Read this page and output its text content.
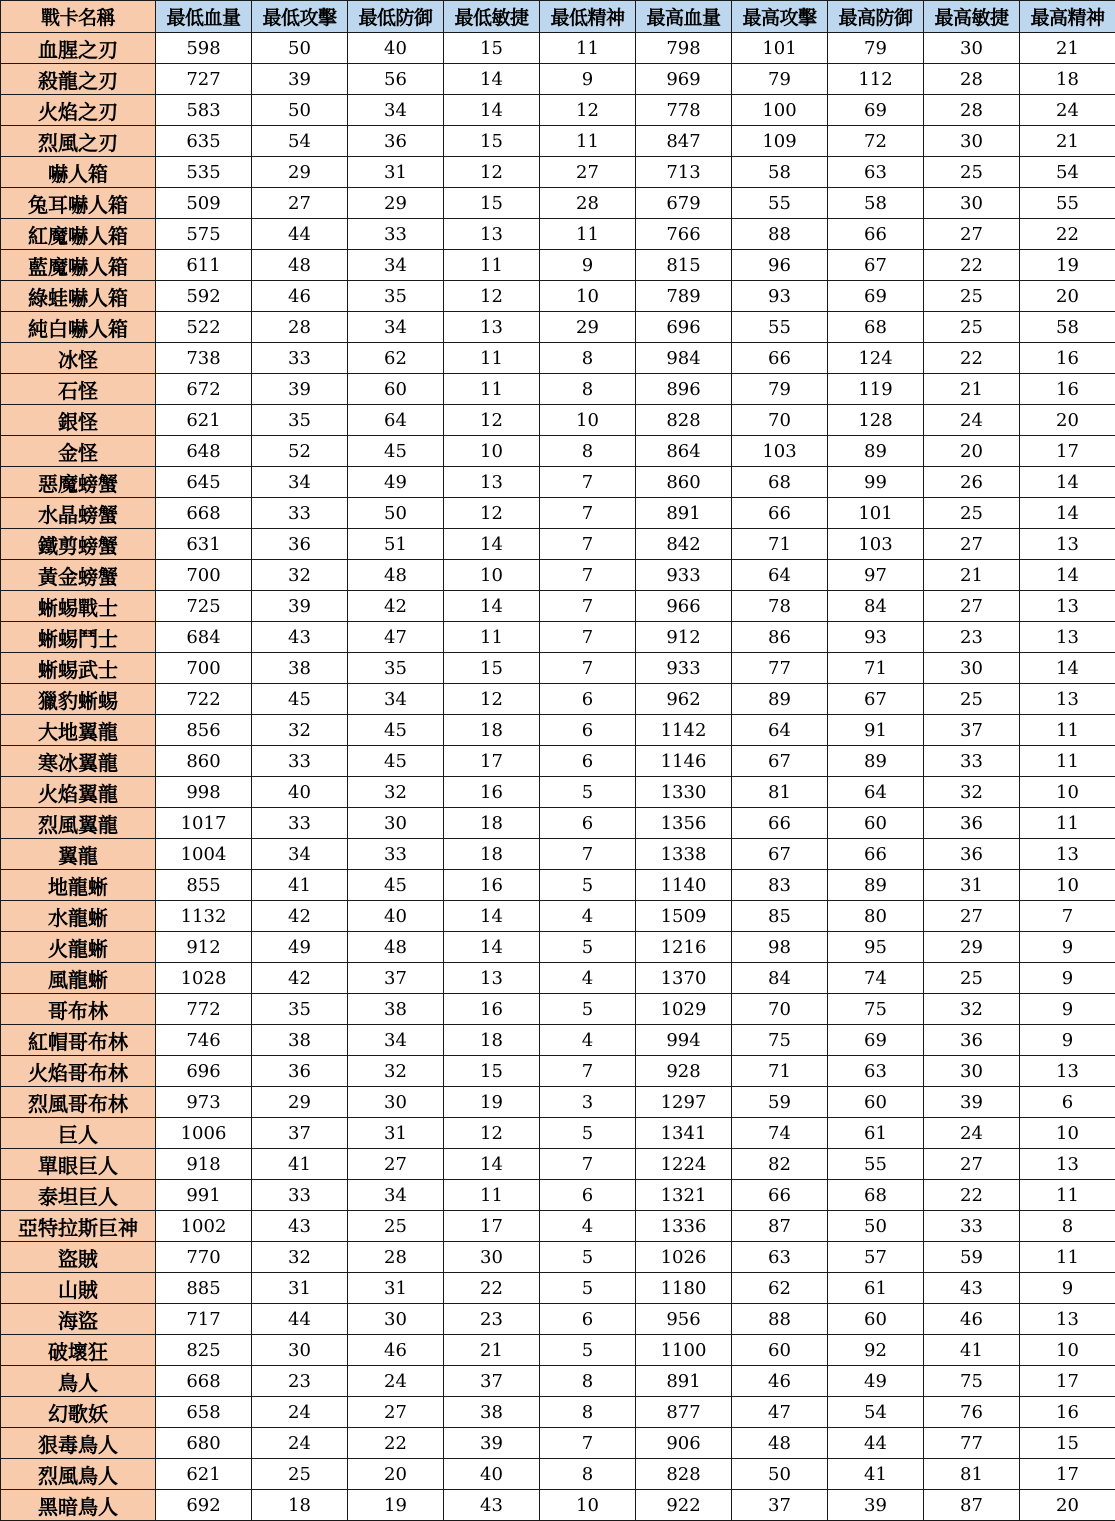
戰卡名稱	最低血量	最低攻擊	最低防御	最低敏捷	最低精神	最高血量	最高攻擊	最高防御	最高敏捷	最高精神
血腥之刃	598	50	40	15	11	798	101	79	30	21
殺龍之刃	727	39	56	14	9	969	79	112	28	18
火焰之刃	583	50	34	14	12	778	100	69	28	24
烈風之刃	635	54	36	15	11	847	109	72	30	21
嚇人箱	535	29	31	12	27	713	58	63	25	54
兔耳嚇人箱	509	27	29	15	28	679	55	58	30	55
紅魔嚇人箱	575	44	33	13	11	766	88	66	27	22
藍魔嚇人箱	611	48	34	11	9	815	96	67	22	19
綠蛙嚇人箱	592	46	35	12	10	789	93	69	25	20
純白嚇人箱	522	28	34	13	29	696	55	68	25	58
冰怪	738	33	62	11	8	984	66	124	22	16
石怪	672	39	60	11	8	896	79	119	21	16
銀怪	621	35	64	12	10	828	70	128	24	20
金怪	648	52	45	10	8	864	103	89	20	17
惡魔螃蟹	645	34	49	13	7	860	68	99	26	14
水晶螃蟹	668	33	50	12	7	891	66	101	25	14
鐵剪螃蟹	631	36	51	14	7	842	71	103	27	13
黃金螃蟹	700	32	48	10	7	933	64	97	21	14
蜥蜴戰士	725	39	42	14	7	966	78	84	27	13
蜥蜴鬥士	684	43	47	11	7	912	86	93	23	13
蜥蜴武士	700	38	35	15	7	933	77	71	30	14
獵豹蜥蜴	722	45	34	12	6	962	89	67	25	13
大地翼龍	856	32	45	18	6	1142	64	91	37	11
寒冰翼龍	860	33	45	17	6	1146	67	89	33	11
火焰翼龍	998	40	32	16	5	1330	81	64	32	10
烈風翼龍	1017	33	30	18	6	1356	66	60	36	11
翼龍	1004	34	33	18	7	1338	67	66	36	13
地龍蜥	855	41	45	16	5	1140	83	89	31	10
水龍蜥	1132	42	40	14	4	1509	85	80	27	7
火龍蜥	912	49	48	14	5	1216	98	95	29	9
風龍蜥	1028	42	37	13	4	1370	84	74	25	9
哥布林	772	35	38	16	5	1029	70	75	32	9
紅帽哥布林	746	38	34	18	4	994	75	69	36	9
火焰哥布林	696	36	32	15	7	928	71	63	30	13
烈風哥布林	973	29	30	19	3	1297	59	60	39	6
巨人	1006	37	31	12	5	1341	74	61	24	10
單眼巨人	918	41	27	14	7	1224	82	55	27	13
泰坦巨人	991	33	34	11	6	1321	66	68	22	11
亞特拉斯巨神	1002	43	25	17	4	1336	87	50	33	8
盜賊	770	32	28	30	5	1026	63	57	59	11
山賊	885	31	31	22	5	1180	62	61	43	9
海盜	717	44	30	23	6	956	88	60	46	13
破壞狂	825	30	46	21	5	1100	60	92	41	10
鳥人	668	23	24	37	8	891	46	49	75	17
幻歌妖	658	24	27	38	8	877	47	54	76	16
狠毒鳥人	680	24	22	39	7	906	48	44	77	15
烈風鳥人	621	25	20	40	8	828	50	41	81	17
黑暗鳥人	692	18	19	43	10	922	37	39	87	20
